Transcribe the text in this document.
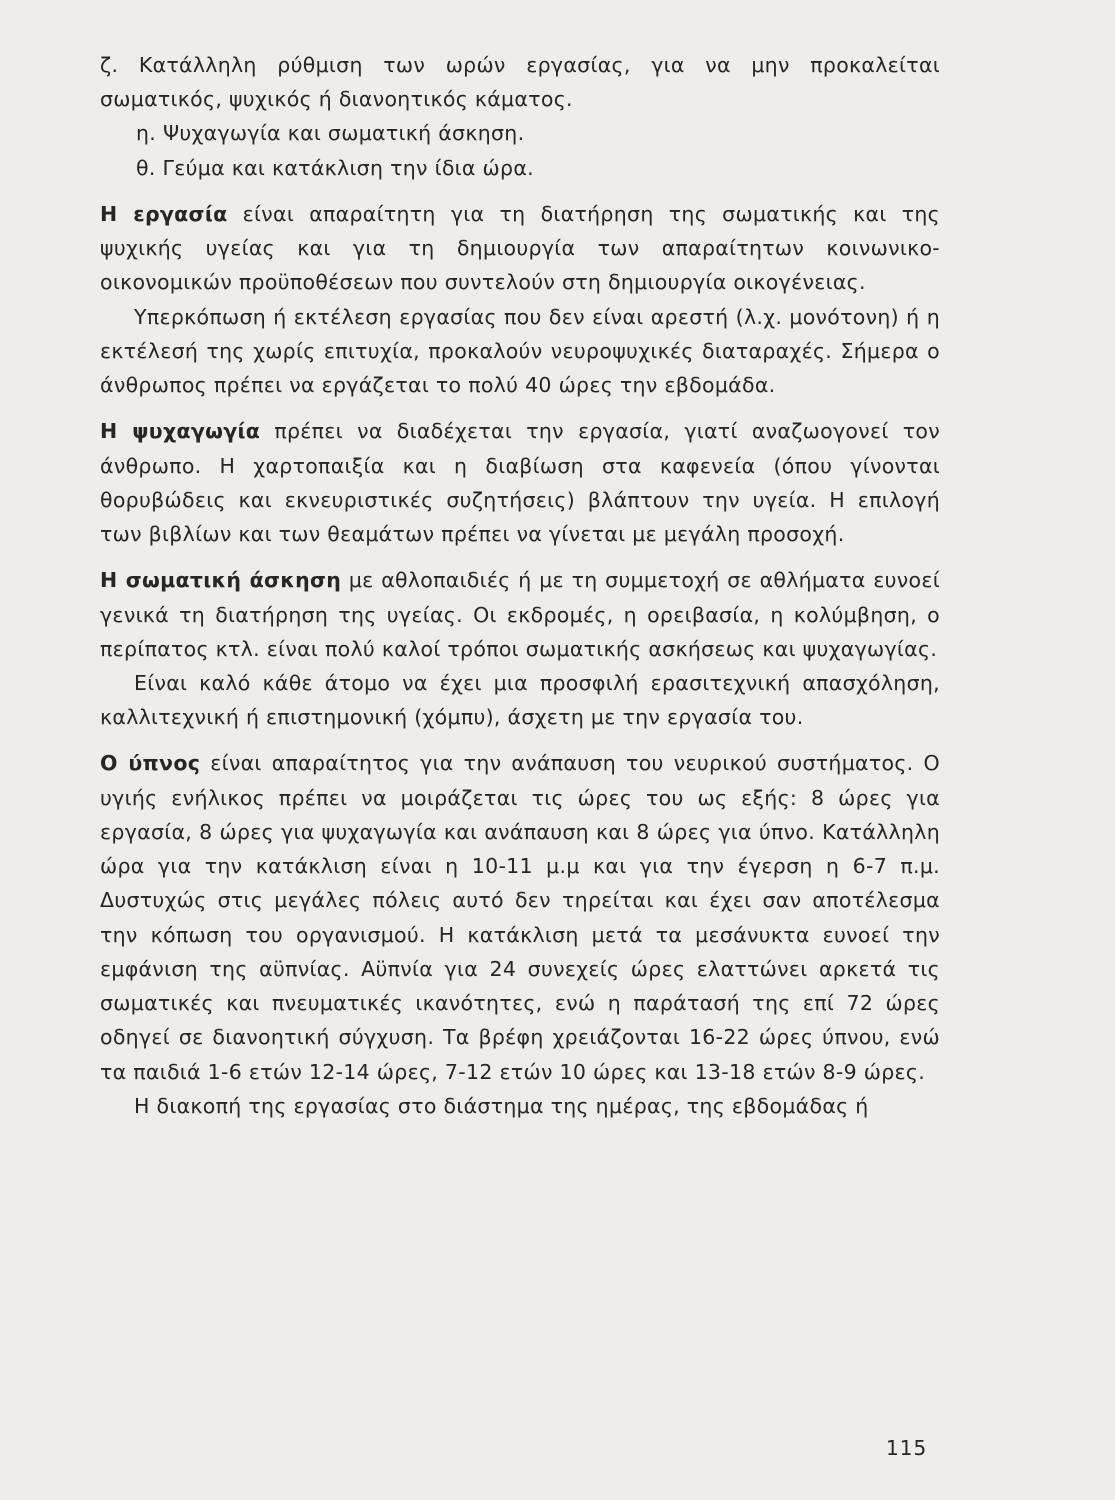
ζ. Κατάλληλη ρύθμιση των ωρών εργασίας, για να μην προκαλείται σωματικός, ψυχικός ή διανοητικός κάματος.

η. Ψυχαγωγία και σωματική άσκηση.

θ. Γεύμα και κατάκλιση την ίδια ώρα.

Η εργασία είναι απαραίτητη για τη διατήρηση της σωματικής και της ψυχικής υγείας και για τη δημιουργία των απαραίτητων κοινωνικο-οικονομικών προϋποθέσεων που συντελούν στη δημιουργία οικογένειας.

Υπερκόπωση ή εκτέλεση εργασίας που δεν είναι αρεστή (λ.χ. μονότονη) ή η εκτέλεσή της χωρίς επιτυχία, προκαλούν νευροψυχικές διαταραχές. Σήμερα ο άνθρωπος πρέπει να εργάζεται το πολύ 40 ώρες την εβδομάδα.

Η ψυχαγωγία πρέπει να διαδέχεται την εργασία, γιατί αναζωογονεί τον άνθρωπο. Η χαρτοπαιξία και η διαβίωση στα καφενεία (όπου γίνονται θορυβώδεις και εκνευριστικές συζητήσεις) βλάπτουν την υγεία. Η επιλογή των βιβλίων και των θεαμάτων πρέπει να γίνεται με μεγάλη προσοχή.

Η σωματική άσκηση με αθλοπαιδιές ή με τη συμμετοχή σε αθλήματα ευνοεί γενικά τη διατήρηση της υγείας. Οι εκδρομές, η ορειβασία, η κολύμβηση, ο περίπατος κτλ. είναι πολύ καλοί τρόποι σωματικής ασκήσεως και ψυχαγωγίας.

Είναι καλό κάθε άτομο να έχει μια προσφιλή ερασιτεχνική απασχόληση, καλλιτεχνική ή επιστημονική (χόμπυ), άσχετη με την εργασία του.

Ο ύπνος είναι απαραίτητος για την ανάπαυση του νευρικού συστήματος. Ο υγιής ενήλικος πρέπει να μοιράζεται τις ώρες του ως εξής: 8 ώρες για εργασία, 8 ώρες για ψυχαγωγία και ανάπαυση και 8 ώρες για ύπνο. Κατάλληλη ώρα για την κατάκλιση είναι η 10-11 μ.μ και για την έγερση η 6-7 π.μ. Δυστυχώς στις μεγάλες πόλεις αυτό δεν τηρείται και έχει σαν αποτέλεσμα την κόπωση του οργανισμού. Η κατάκλιση μετά τα μεσάνυκτα ευνοεί την εμφάνιση της αϋπνίας. Αϋπνία για 24 συνεχείς ώρες ελαττώνει αρκετά τις σωματικές και πνευματικές ικανότητες, ενώ η παράτασή της επί 72 ώρες οδηγεί σε διανοητική σύγχυση. Τα βρέφη χρειάζονται 16-22 ώρες ύπνου, ενώ τα παιδιά 1-6 ετών 12-14 ώρες, 7-12 ετών 10 ώρες και 13-18 ετών 8-9 ώρες.

Η διακοπή της εργασίας στο διάστημα της ημέρας, της εβδομάδας ή

115
